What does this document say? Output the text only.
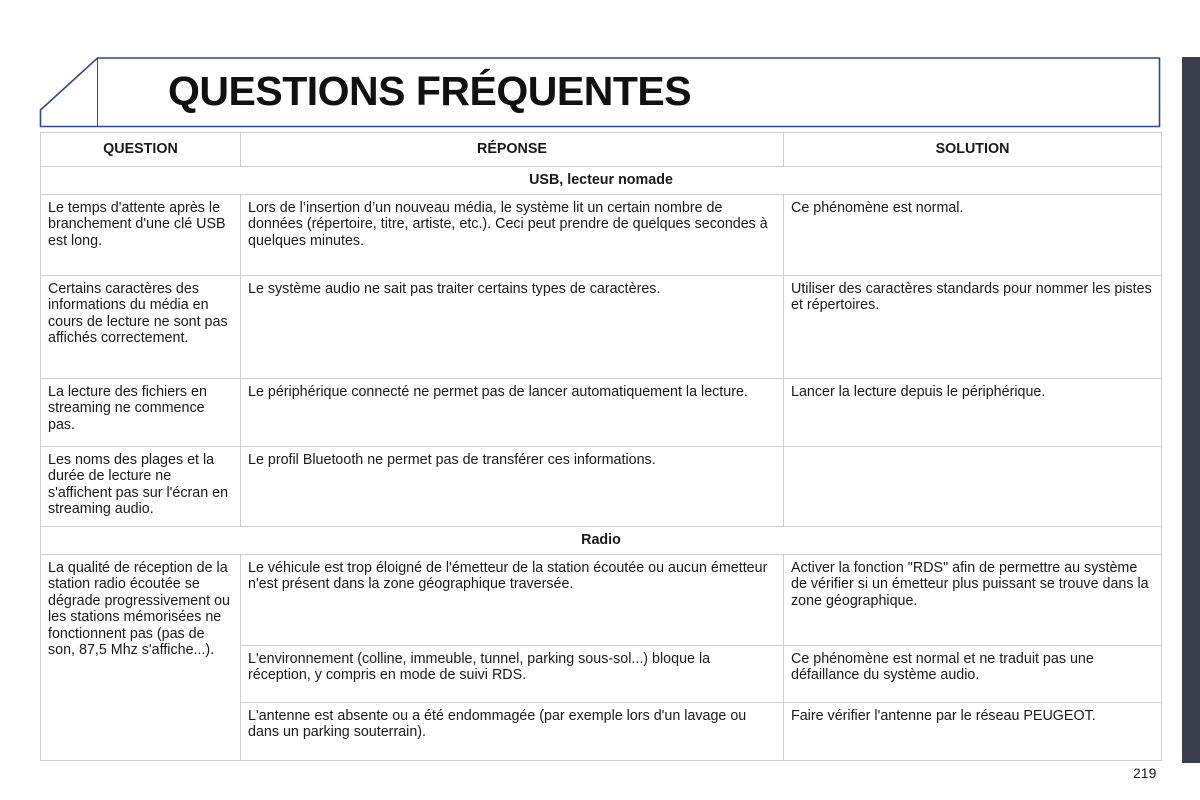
QUESTIONS FRÉQUENTES
QUESTION	RÉPONSE	SOLUTION
USB, lecteur nomade		
Le temps d'attente après le branchement d'une clé USB est long.	Lors de l’insertion d’un nouveau média, le système lit un certain nombre de données (répertoire, titre, artiste, etc.). Ceci peut prendre de quelques secondes à quelques minutes.	Ce phénomène est normal.
Certains caractères des informations du média en cours de lecture ne sont pas affichés correctement.	Le système audio ne sait pas traiter certains types de caractères.	Utiliser des caractères standards pour nommer les pistes et répertoires.
La lecture des fichiers en streaming ne commence pas.	Le périphérique connecté ne permet pas de lancer automatiquement la lecture.	Lancer la lecture depuis le périphérique.
Les noms des plages et la durée de lecture ne s'affichent pas sur l'écran en streaming audio.	Le profil Bluetooth ne permet pas de transférer ces informations.	
Radio		
La qualité de réception de la station radio écoutée se dégrade progressivement ou les stations mémorisées ne fonctionnent pas (pas de son, 87,5 Mhz s'affiche...).	Le véhicule est trop éloigné de l'émetteur de la station écoutée ou aucun émetteur n'est présent dans la zone géographique traversée.	Activer la fonction "RDS" afin de permettre au système de vérifier si un émetteur plus puissant se trouve dans la zone géographique.
	L'environnement (colline, immeuble, tunnel, parking sous-sol...) bloque la réception, y compris en mode de suivi RDS.	Ce phénomène est normal et ne traduit pas une défaillance du système audio.
	L'antenne est absente ou a été endommagée (par exemple lors d'un lavage ou dans un parking souterrain).	Faire vérifier l'antenne par le réseau PEUGEOT.
219
